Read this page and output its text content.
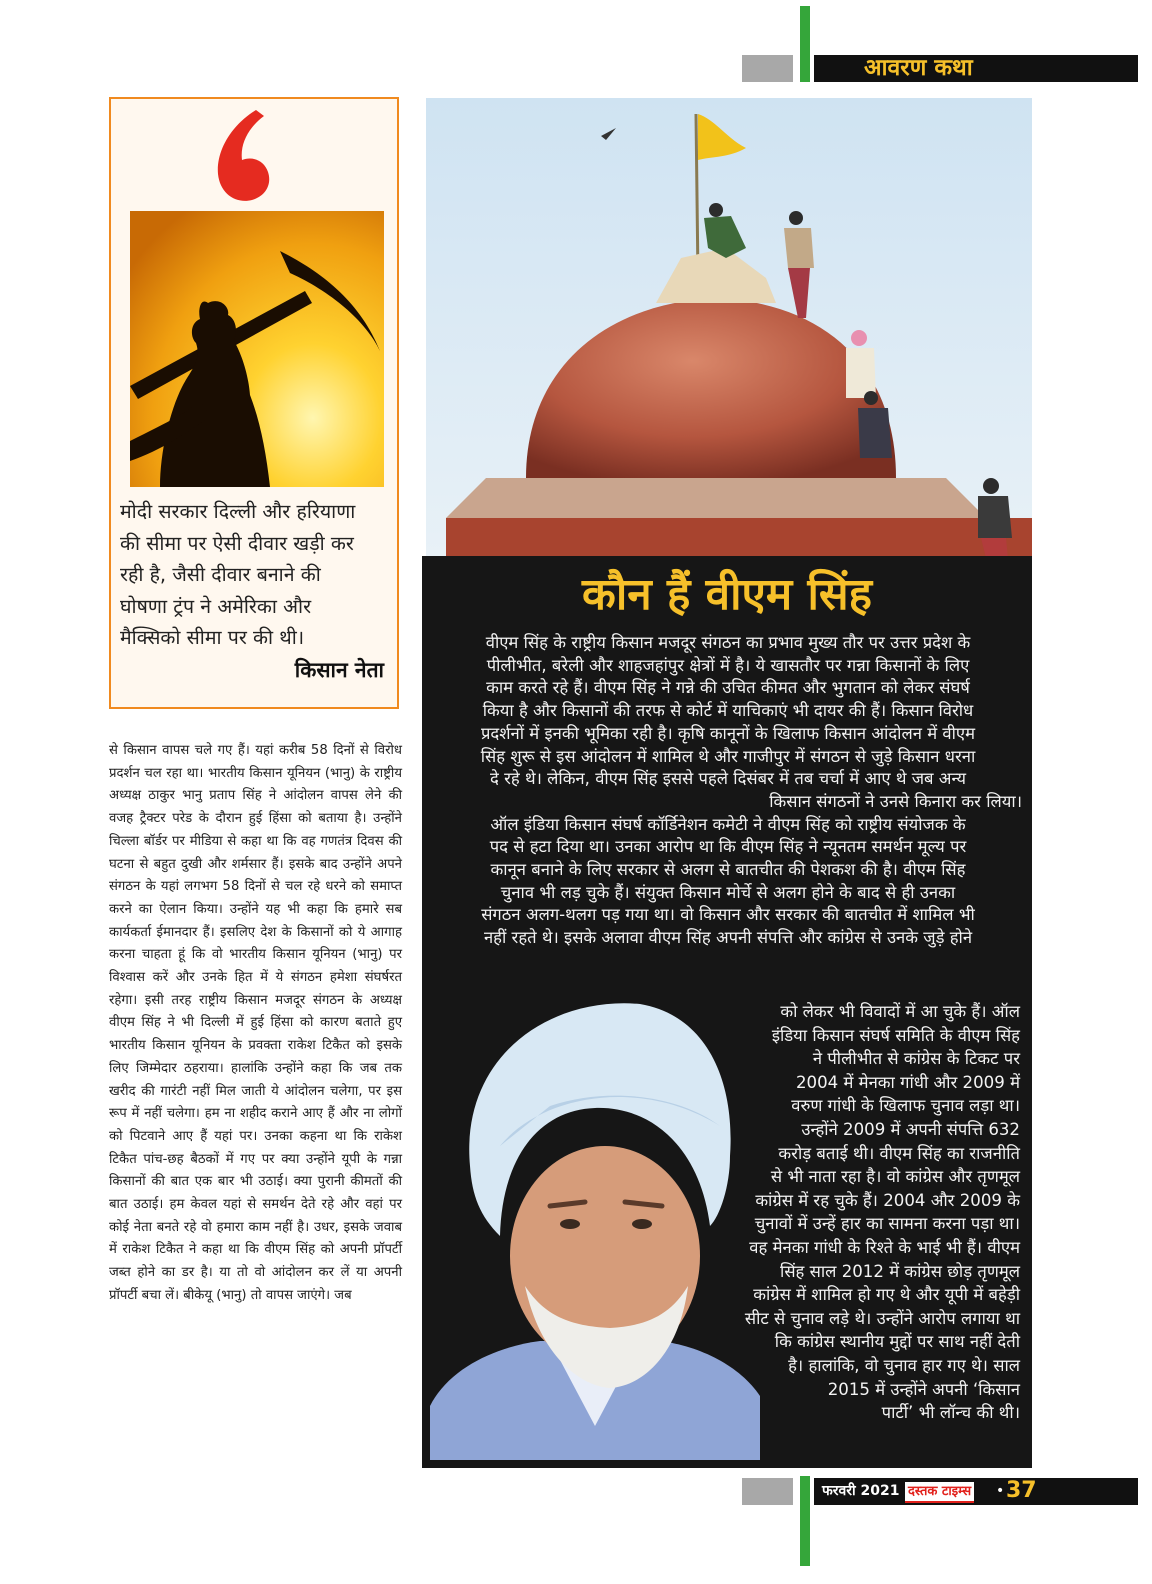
आवरण कथा
मोदी सरकार दिल्ली और हरियाणा
की सीमा पर ऐसी दीवार खड़ी कर
रही है, जैसी दीवार बनाने की
घोषणा ट्रंप ने अमेरिका और
मैक्सिको सीमा पर की थी।
किसान नेता
से किसान वापस चले गए हैं। यहां करीब 58 दिनों से विरोध प्रदर्शन चल रहा था। भारतीय किसान यूनियन (भानु) के राष्ट्रीय अध्यक्ष ठाकुर भानु प्रताप सिंह ने आंदोलन वापस लेने की वजह ट्रैक्टर परेड के दौरान हुई हिंसा को बताया है। उन्होंने चिल्ला बॉर्डर पर मीडिया से कहा था कि वह गणतंत्र दिवस की घटना से बहुत दुखी और शर्मसार हैं। इसके बाद उन्होंने अपने संगठन के यहां लगभग 58 दिनों से चल रहे धरने को समाप्त करने का ऐलान किया। उन्होंने यह भी कहा कि हमारे सब कार्यकर्ता ईमानदार हैं। इसलिए देश के किसानों को ये आगाह करना चाहता हूं कि वो भारतीय किसान यूनियन (भानु) पर विश्वास करें और उनके हित में ये संगठन हमेशा संघर्षरत रहेगा। इसी तरह राष्ट्रीय किसान मजदूर संगठन के अध्यक्ष वीएम सिंह ने भी दिल्ली में हुई हिंसा को कारण बताते हुए भारतीय किसान यूनियन के प्रवक्ता राकेश टिकैत को इसके लिए जिम्मेदार ठहराया। हालांकि उन्होंने कहा कि जब तक खरीद की गारंटी नहीं मिल जाती ये आंदोलन चलेगा, पर इस रूप में नहीं चलेगा। हम ना शहीद कराने आए हैं और ना लोगों को पिटवाने आए हैं यहां पर। उनका कहना था कि राकेश टिकैत पांच-छह बैठकों में गए पर क्या उन्होंने यूपी के गन्ना किसानों की बात एक बार भी उठाई। क्या पुरानी कीमतों की बात उठाई। हम केवल यहां से समर्थन देते रहे और वहां पर कोई नेता बनते रहे वो हमारा काम नहीं है। उधर, इसके जवाब में राकेश टिकैत ने कहा था कि वीएम सिंह को अपनी प्रॉपर्टी जब्त होने का डर है। या तो वो आंदोलन कर लें या अपनी प्रॉपर्टी बचा लें। बीकेयू (भानु) तो वापस जाएंगे। जब
कौन हैं वीएम सिंह
वीएम सिंह के राष्ट्रीय किसान मजदूर संगठन का प्रभाव मुख्य तौर पर उत्तर प्रदेश के
पीलीभीत, बरेली और शाहजहांपुर क्षेत्रों में है। ये खासतौर पर गन्ना किसानों के लिए
काम करते रहे हैं। वीएम सिंह ने गन्ने की उचित कीमत और भुगतान को लेकर संघर्ष
किया है और किसानों की तरफ से कोर्ट में याचिकाएं भी दायर की हैं। किसान विरोध
प्रदर्शनों में इनकी भूमिका रही है। कृषि कानूनों के खिलाफ किसान आंदोलन में वीएम
सिंह शुरू से इस आंदोलन में शामिल थे और गाजीपुर में संगठन से जुड़े किसान धरना
दे रहे थे। लेकिन, वीएम सिंह इससे पहले दिसंबर में तब चर्चा में आए थे जब अन्य
किसान संगठनों ने उनसे किनारा कर लिया।
ऑल इंडिया किसान संघर्ष कॉर्डिनेशन कमेटी ने वीएम सिंह को राष्ट्रीय संयोजक के
पद से हटा दिया था। उनका आरोप था कि वीएम सिंह ने न्यूनतम समर्थन मूल्य पर
कानून बनाने के लिए सरकार से अलग से बातचीत की पेशकश की है। वीएम सिंह
चुनाव भी लड़ चुके हैं। संयुक्त किसान मोर्चे से अलग होने के बाद से ही उनका
संगठन अलग-थलग पड़ गया था। वो किसान और सरकार की बातचीत में शामिल भी
नहीं रहते थे। इसके अलावा वीएम सिंह अपनी संपत्ति और कांग्रेस से उनके जुड़े होने
को लेकर भी विवादों में आ चुके हैं। ऑल
इंडिया किसान संघर्ष समिति के वीएम सिंह
ने पीलीभीत से कांग्रेस के टिकट पर
2004 में मेनका गांधी और 2009 में
वरुण गांधी के खिलाफ चुनाव लड़ा था।
उन्होंने 2009 में अपनी संपत्ति 632
करोड़ बताई थी। वीएम सिंह का राजनीति
से भी नाता रहा है। वो कांग्रेस और तृणमूल
कांग्रेस में रह चुके हैं। 2004 और 2009 के
चुनावों में उन्हें हार का सामना करना पड़ा था।
वह मेनका गांधी के रिश्ते के भाई भी हैं। वीएम
सिंह साल 2012 में कांग्रेस छोड़ तृणमूल
कांग्रेस में शामिल हो गए थे और यूपी में बहेड़ी
सीट से चुनाव लड़े थे। उन्होंने आरोप लगाया था
कि कांग्रेस स्थानीय मुद्दों पर साथ नहीं देती
है। हालांकि, वो चुनाव हार गए थे। साल
2015 में उन्होंने अपनी ‘किसान
पार्टी’ भी लॉन्च की थी।
फरवरी 2021 दस्तक टाइम्स • 37
